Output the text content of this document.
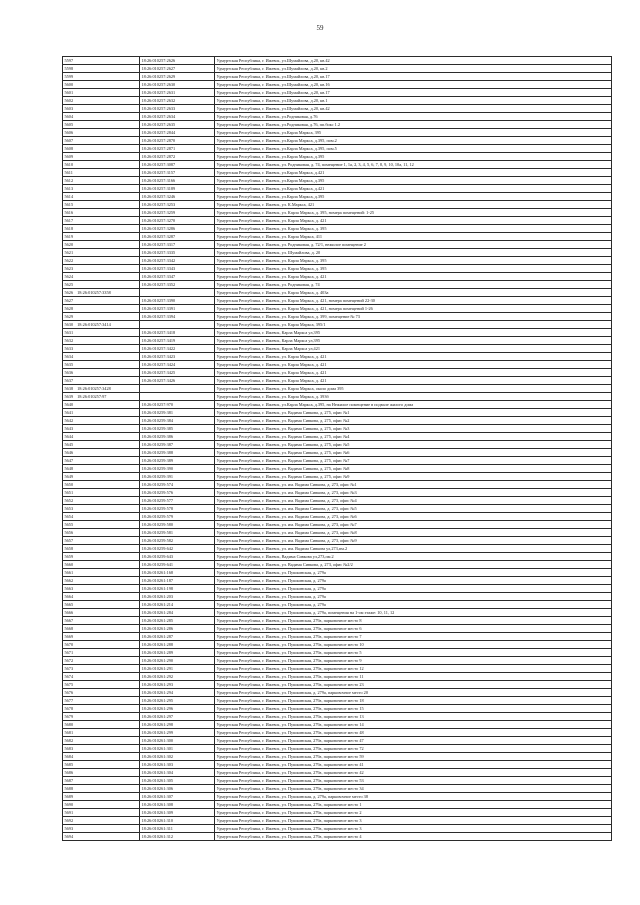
59
5597	18:26:010257:2626	Удмуртская Республика, г. Ижевск, ул.Шумайлова, д.20, кв.42
5598	18:26:010257:2627	Удмуртская Республика, г. Ижевск, ул.Шумайлова, д.20, кв.2
5599	18:26:010257:2629	Удмуртская Республика, г. Ижевск, ул.Шумайлова, д.20, кв.17
5600	18:26:010257:2630	Удмуртская Республика, г. Ижевск, ул.Шумайлова, д.20, кв.16
5601	18:26:010257:2631	Удмуртская Республика, г. Ижевск, ул.Шумайлова, д.20, кв.17
5602	18:26:010257:2632	Удмуртская Республика, г. Ижевск, ул.Шумайлова, д.20, кв.1
5603	18:26:010257:2633	Удмуртская Республика, г. Ижевск, ул.Шумайлова, д.20, кв.42
5604	18:26:010257:2634	Удмуртская Республика, г. Ижевск, ул.Родниковая, д.76
5605	18:26:010257:2635	Удмуртская Республика, г. Ижевск, ул.Родниковая, д.76, пп.бокс 1.2
5606	18:26:010257:2844	Удмуртская Республика, г. Ижевск, ул.Карла Маркса, 395
5607	18:26:010257:2870	Удмуртская Республика, г. Ижевск, ул.Карла Маркса, д.395, пом.2
5608	18:26:010257:2871	Удмуртская Республика, г. Ижевск, ул.Карла Маркса, д.395, пом.5
5609	18:26:010257:2872	Удмуртская Республика, г. Ижевск, ул.Карла Маркса, д.395
5610	18:26:010257:3087	Удмуртская Республика, г. Ижевск, ул. Родниковая, д. 74, помещение 1, 1а, 2, 3, 4, 5, 6, 7, 8, 9, 10, 10а, 11, 12
5611	18:26:010257:3157	Удмуртская Республика, г. Ижевск, ул.Карла Маркса, д.421
5612	18:26:010257:3166	Удмуртская Республика, г. Ижевск, ул.Карла Маркса, д.395
5613	18:26:010257:3189	Удмуртская Республика, г. Ижевск, ул.Карла Маркса, д.421
5614	18:26:010257:3246	Удмуртская Республика, г. Ижевск, ул.Карла Маркса, д.395
5615	18:26:010257:3253	Удмуртская Республика, г. Ижевск, ул. К.Маркса, 421
5616	18:26:010257:3259	Удмуртская Республика, г. Ижевск, ул. Карла Маркса, д. 395, номера помещений: 1-25
5617	18:26:010257:3270	Удмуртская Республика, г. Ижевск, ул. Карла Маркса, д. 421
5618	18:26:010257:3286	Удмуртская Республика, г. Ижевск, ул. Карла Маркса, д. 395
5619	18:26:010257:3287	Удмуртская Республика, г. Ижевск, ул. Карла Маркса, 411
5620	18:26:010257:3317	Удмуртская Республика, г. Ижевск, ул. Родниковая, д. 72/1, нежилое помещение 2
5621	18:26:010257:3335	Удмуртская Республика, г. Ижевск, ул. Шумайлова, д. 20
5622	18:26:010257:3342	Удмуртская Республика, г. Ижевск, ул. Карла Маркса, д. 395
5623	18:26:010257:3343	Удмуртская Республика, г. Ижевск, ул. Карла Маркса, д. 395
5624	18:26:010257:3347	Удмуртская Республика, г. Ижевск, ул. Карла Маркса, д. 421
5625	18:26:010257:3352	Удмуртская Республика, г. Ижевск, ул. Родниковая, д. 74
5626 18:26:010257:3358		Удмуртская Республика, г. Ижевск, ул. Карла Маркса, д. 403а
5627	18:26:010257:3390	Удмуртская Республика, г. Ижевск, ул. Карла Маркса, д. 421, номера помещений 22-30
5628	18:26:010257:3391	Удмуртская Республика, г. Ижевск, ул. Карла Маркса, д. 421, номера помещений 1-26
5629	18:26:010257:3394	Удмуртская Республика, г. Ижевск, ул. Карла Маркса, д. 399, помещение № 73
5630 18:26:010257:3414		Удмуртская Республика, г. Ижевск, ул. Карла Маркса, 395/1
5631	18:26:010257:3418	Удмуртская Республика, г. Ижевск, Карла Маркса ул,395
5632	18:26:010257:3419	Удмуртская Республика, г. Ижевск, Карла Маркса ул,395
5633	18:26:010257:3422	Удмуртская Республика, г. Ижевск, Карла Маркса ул,421
5634	18:26:010257:3423	Удмуртская Республика, г. Ижевск, ул. Карла Маркса, д. 421
5635	18:26:010257:3424	Удмуртская Республика, г. Ижевск, ул. Карла Маркса, д. 421
5636	18:26:010257:3425	Удмуртская Республика, г. Ижевск, ул. Карла Маркса, д. 421
5637	18:26:010257:3426	Удмуртская Республика, г. Ижевск, ул. Карла Маркса, д. 421
5638 18:26:010257:3428		Удмуртская Республика, г. Ижевск, ул. Карла Маркса, около дома 395
5639 18:26:010257:97		Удмуртская Республика, г. Ижевск, ул. Карла Маркса, д. 393б
5640	18:26:010257:970	Удмуртская Республика, г. Ижевск, ул.Карла Маркса, д.395, на Нежилое помещение в подвале жилого дома
5641	18:26:010259:381	Удмуртская Республика, г. Ижевск, ул. Вадима Сивкова, д. 275, офис №1
5642	18:26:010259:384	Удмуртская Республика, г. Ижевск, ул. Вадима Сивкова, д. 275, офис №2
5643	18:26:010259:385	Удмуртская Республика, г. Ижевск, ул. Вадима Сивкова, д. 275, офис №3
5644	18:26:010259:386	Удмуртская Республика, г. Ижевск, ул. Вадима Сивкова, д. 275, офис №4
5645	18:26:010259:387	Удмуртская Республика, г. Ижевск, ул. Вадима Сивкова, д. 275, офис №5
5646	18:26:010259:388	Удмуртская Республика, г. Ижевск, ул. Вадима Сивкова, д. 275, офис №6
5647	18:26:010259:389	Удмуртская Республика, г. Ижевск, ул. Вадима Сивкова, д. 275, офис №7
5648	18:26:010259:390	Удмуртская Республика, г. Ижевск, ул. Вадима Сивкова, д. 275, офис №8
5649	18:26:010259:391	Удмуртская Республика, г. Ижевск, ул. Вадима Сивкова, д. 275, офис №9
5650	18:26:010259:574	Удмуртская Республика, г. Ижевск, ул. им. Вадима Сивкова, д. 273, офис №1
5651	18:26:010259:576	Удмуртская Республика, г. Ижевск, ул. им. Вадима Сивкова, д. 273, офис №3
5652	18:26:010259:577	Удмуртская Республика, г. Ижевск, ул. им. Вадима Сивкова, д. 273, офис №4
5653	18:26:010259:578	Удмуртская Республика, г. Ижевск, ул. им. Вадима Сивкова, д. 273, офис №5
5654	18:26:010259:579	Удмуртская Республика, г. Ижевск, ул. им. Вадима Сивкова, д. 273, офис №6
5655	18:26:010259:580	Удмуртская Республика, г. Ижевск, ул. им. Вадима Сивкова, д. 273, офис №7
5656	18:26:010259:581	Удмуртская Республика, г. Ижевск, ул. им. Вадима Сивкова, д. 273, офис №8
5657	18:26:010259:582	Удмуртская Республика, г. Ижевск, ул. им. Вадима Сивкова, д. 273, офис №9
5658	18:26:010259:642	Удмуртская Республика, г. Ижевск, ул. им. Вадима Сивкова ул,273,пм.2
5659	18:26:010259:643	Удмуртская Республика, г. Ижевск, Вадима Сивкова ул,273,пм.2
5660	18:26:010259:641	Удмуртская Республика, г. Ижевск, ул. Вадима Сивкова, д. 273, офис №2/2
5661	18:26:010261:168	Удмуртская Республика, г. Ижевск, ул. Пушкинская, д. 279а
5662	18:26:010261:187	Удмуртская Республика, г. Ижевск, ул. Пушкинская, д. 279а
5663	18:26:010261:198	Удмуртская Республика, г. Ижевск, ул. Пушкинская, д. 279а
5664	18:26:010261:203	Удмуртская Республика, г. Ижевск, ул. Пушкинская, д. 279а
5665	18:26:010261:214	Удмуртская Республика, г. Ижевск, ул. Пушкинская, д. 279а
5666	18:26:010261:284	Удмуртская Республика, г. Ижевск, ул. Пушкинская, д. 279а, помещения на 1-ом этаже: 10, 11, 12
5667	18:26:010261:285	Удмуртская Республика, г. Ижевск, ул. Пушкинская, 279а, парковочное место 8
5668	18:26:010261:286	Удмуртская Республика, г. Ижевск, ул. Пушкинская, 279а, парковочное место 6
5669	18:26:010261:287	Удмуртская Республика, г. Ижевск, ул. Пушкинская, 279а, парковочное место 7
5670	18:26:010261:288	Удмуртская Республика, г. Ижевск, ул. Пушкинская, 279а, парковочное место 10
5671	18:26:010261:289	Удмуртская Республика, г. Ижевск, ул. Пушкинская, 279а, парковочное место 5
5672	18:26:010261:290	Удмуртская Республика, г. Ижевск, ул. Пушкинская, 279а, парковочное место 9
5673	18:26:010261:291	Удмуртская Республика, г. Ижевск, ул. Пушкинская, 279а, парковочное место 12
5674	18:26:010261:292	Удмуртская Республика, г. Ижевск, ул. Пушкинская, 279а, парковочное место 11
5675	18:26:010261:293	Удмуртская Республика, г. Ижевск, ул. Пушкинская, 279а, парковочное место 23
5676	18:26:010261:294	Удмуртская Республика, г. Ижевск, ул. Пушкинская, д. 279а, парковочное место 20
5677	18:26:010261:295	Удмуртская Республика, г. Ижевск, ул. Пушкинская, 279а, парковочное место 18
5678	18:26:010261:296	Удмуртская Республика, г. Ижевск, ул. Пушкинская, 279а, парковочное место 15
5679	18:26:010261:297	Удмуртская Республика, г. Ижевск, ул. Пушкинская, 279а, парковочное место 13
5680	18:26:010261:298	Удмуртская Республика, г. Ижевск, ул. Пушкинская, 279а, парковочное место 14
5681	18:26:010261:299	Удмуртская Республика, г. Ижевск, ул. Пушкинская, 279а, парковочное место 48
5682	18:26:010261:300	Удмуртская Республика, г. Ижевск, ул. Пушкинская, 279а, парковочное место 47
5683	18:26:010261:301	Удмуртская Республика, г. Ижевск, ул. Пушкинская, 279а, парковочное место 72
5684	18:26:010261:302	Удмуртская Республика, г. Ижевск, ул. Пушкинская, 279а, парковочное место 59
5685	18:26:010261:303	Удмуртская Республика, г. Ижевск, ул. Пушкинская, 279а, парковочное место 41
5686	18:26:010261:304	Удмуртская Республика, г. Ижевск, ул. Пушкинская, 279а, парковочное место 42
5687	18:26:010261:305	Удмуртская Республика, г. Ижевск, ул. Пушкинская, 279а, парковочное место 53
5688	18:26:010261:306	Удмуртская Республика, г. Ижевск, ул. Пушкинская, 279а, парковочное место 34
5689	18:26:010261:307	Удмуртская Республика, г. Ижевск, ул. Пушкинская, д. 279а, парковочное место 38
5690	18:26:010261:308	Удмуртская Республика, г. Ижевск, ул. Пушкинская, 279а, парковочное место 1
5691	18:26:010261:309	Удмуртская Республика, г. Ижевск, ул. Пушкинская, 279а, парковочное место 2
5692	18:26:010261:310	Удмуртская Республика, г. Ижевск, ул. Пушкинская, 279а, парковочное место 3
5693	18:26:010261:311	Удмуртская Республика, г. Ижевск, ул. Пушкинская, 279а, парковочное место 3
5694	18:26:010261:312	Удмуртская Республика, г. Ижевск, ул. Пушкинская, 279а, парковочное место 4
